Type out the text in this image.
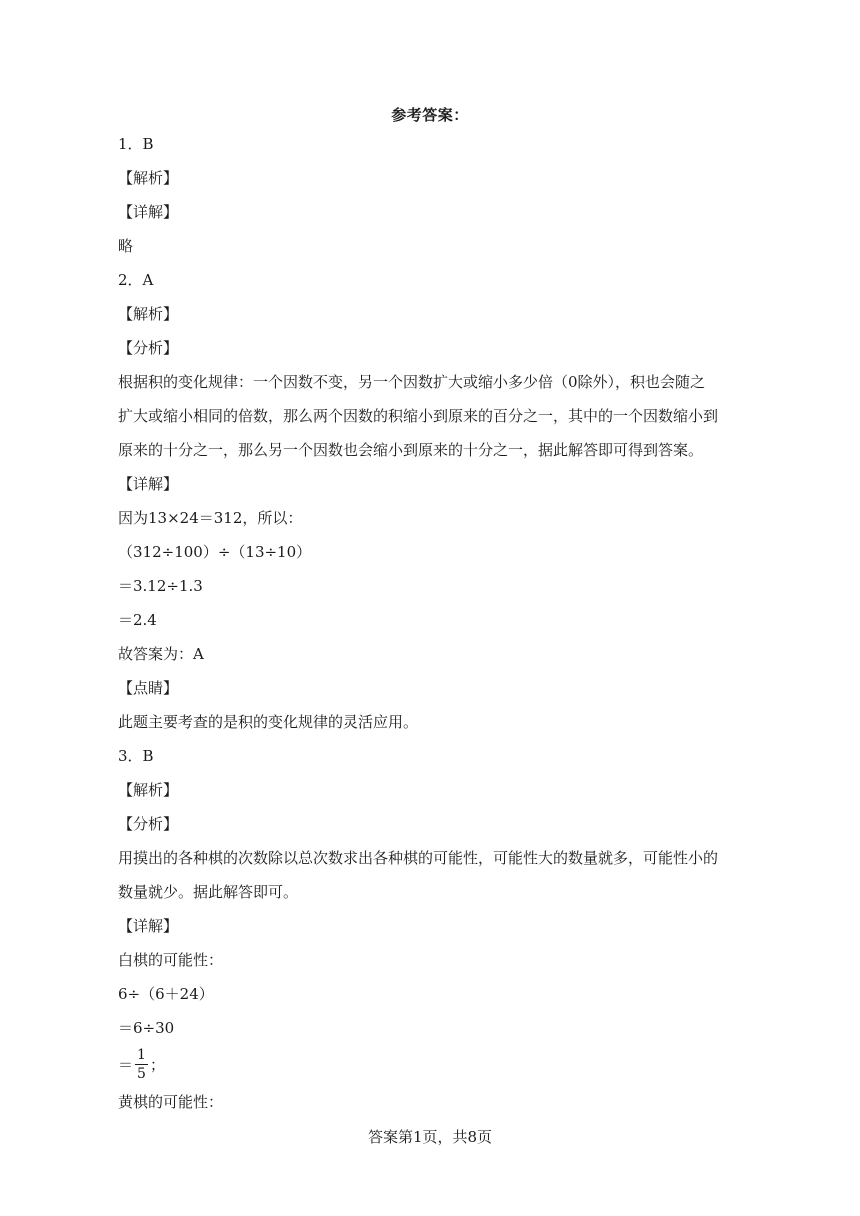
参考答案：
1．B
【解析】
【详解】
略
2．A
【解析】
【分析】
根据积的变化规律：一个因数不变，另一个因数扩大或缩小多少倍（0除外），积也会随之
扩大或缩小相同的倍数，那么两个因数的积缩小到原来的百分之一，其中的一个因数缩小到
原来的十分之一，那么另一个因数也会缩小到原来的十分之一，据此解答即可得到答案。
【详解】
因为13×24＝312，所以：
（312÷100）÷（13÷10）
＝3.12÷1.3
＝2.4
故答案为：A
【点睛】
此题主要考查的是积的变化规律的灵活应用。
3．B
【解析】
【分析】
用摸出的各种棋的次数除以总次数求出各种棋的可能性，可能性大的数量就多，可能性小的
数量就少。据此解答即可。
【详解】
白棋的可能性：
6÷（6＋24）
＝6÷30
＝ $\frac{1}{5}$ ；
黄棋的可能性：
答案第1页，共8页
